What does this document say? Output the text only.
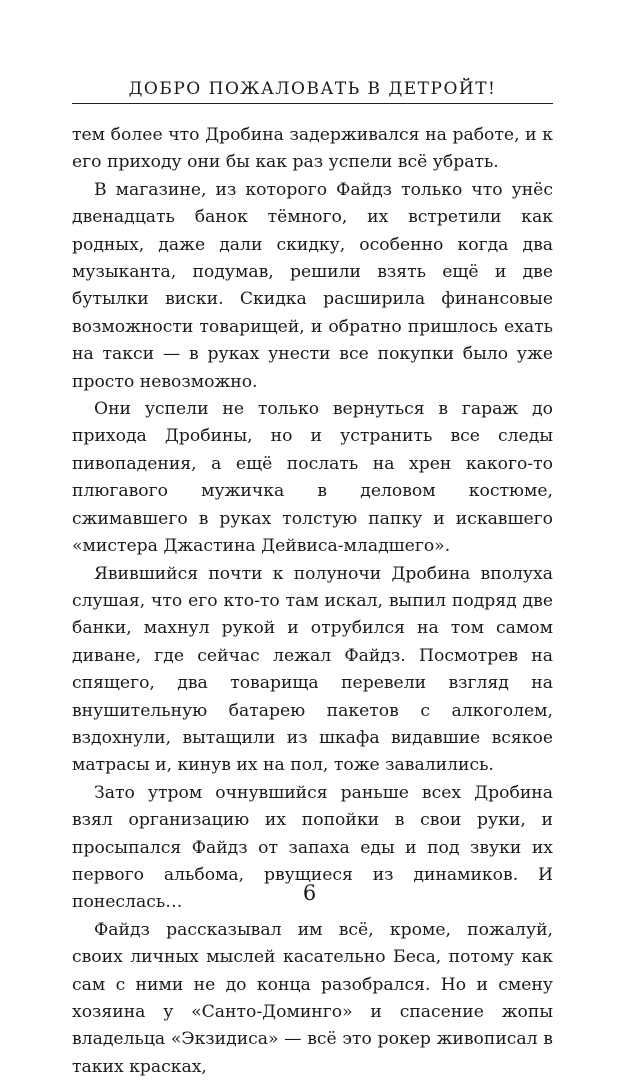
ДОБРО ПОЖАЛОВАТЬ В ДЕТРОЙТ!

тем более что Дробина задерживался на работе, и к его приходу они бы как раз успели всё убрать.

В магазине, из которого Файдз только что унёс двенадцать банок тёмного, их встретили как родных, даже дали скидку, особенно когда два музыканта, подумав, решили взять ещё и две бутылки виски. Скидка расширила финансовые возможности товарищей, и обратно пришлось ехать на такси — в руках унести все покупки было уже просто невозможно.

Они успели не только вернуться в гараж до прихода Дробины, но и устранить все следы пивопадения, а ещё послать на хрен какого-то плюгавого мужичка в деловом костюме, сжимавшего в руках толстую папку и искавшего «мистера Джастина Дейвиса-младшего».

Явившийся почти к полуночи Дробина вполуха слушая, что его кто-то там искал, выпил подряд две банки, махнул рукой и отрубился на том самом диване, где сейчас лежал Файдз. Посмотрев на спящего, два товарища перевели взгляд на внушительную батарею пакетов с алкоголем, вздохнули, вытащили из шкафа видавшие всякое матрасы и, кинув их на пол, тоже завалились.

Зато утром очнувшийся раньше всех Дробина взял организацию их попойки в свои руки, и просыпался Файдз от запаха еды и под звуки их первого альбома, рвущиеся из динамиков. И понеслась…

Файдз рассказывал им всё, кроме, пожалуй, своих личных мыслей касательно Беса, потому как сам с ними не до конца разобрался. Но и смену хозяина у «Санто-Доминго» и спасение жопы владельца «Экзидиса» — всё это рокер живописал в таких красках,

6
